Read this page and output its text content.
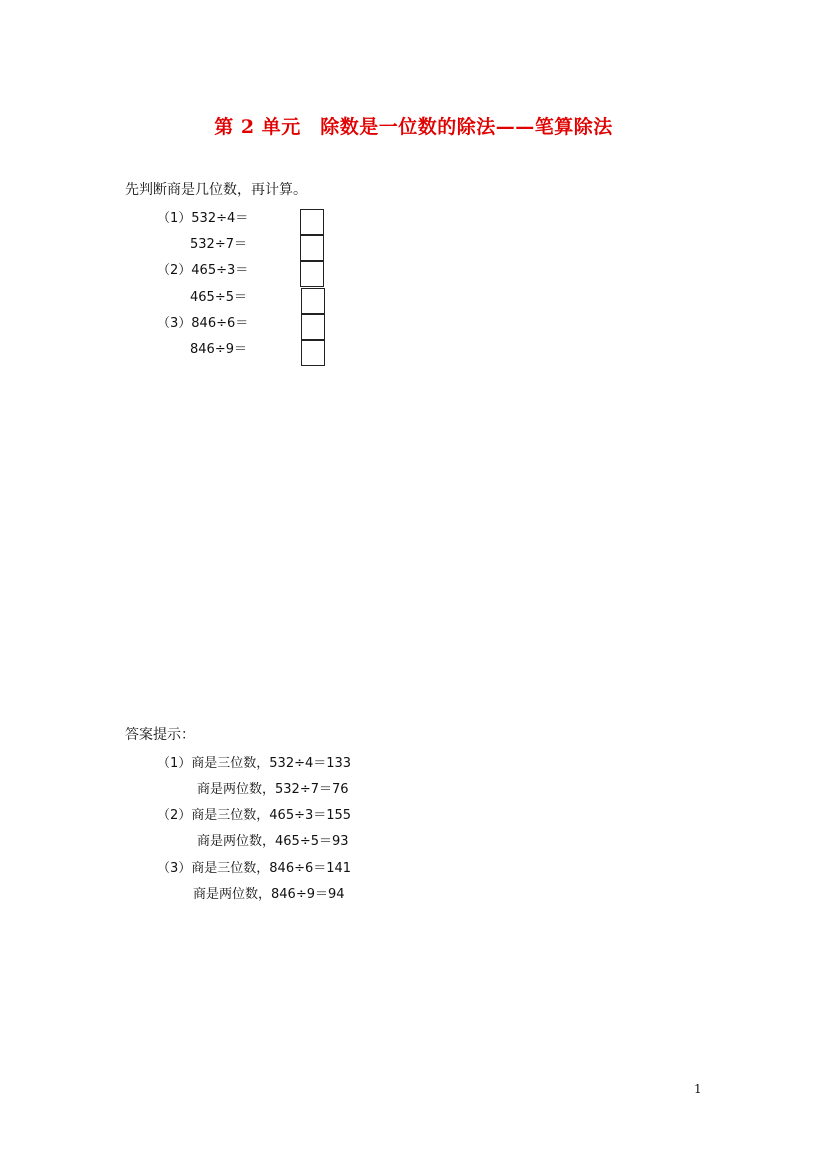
第 2 单元　除数是一位数的除法——笔算除法
先判断商是几位数，再计算。
（1）532÷4＝
532÷7＝
（2）465÷3＝
465÷5＝
（3）846÷6＝
846÷9＝
答案提示：
（1）商是三位数，532÷4＝133
商是两位数，532÷7＝76
（2）商是三位数，465÷3＝155
商是两位数，465÷5＝93
（3）商是三位数，846÷6＝141
商是两位数，846÷9＝94
1
